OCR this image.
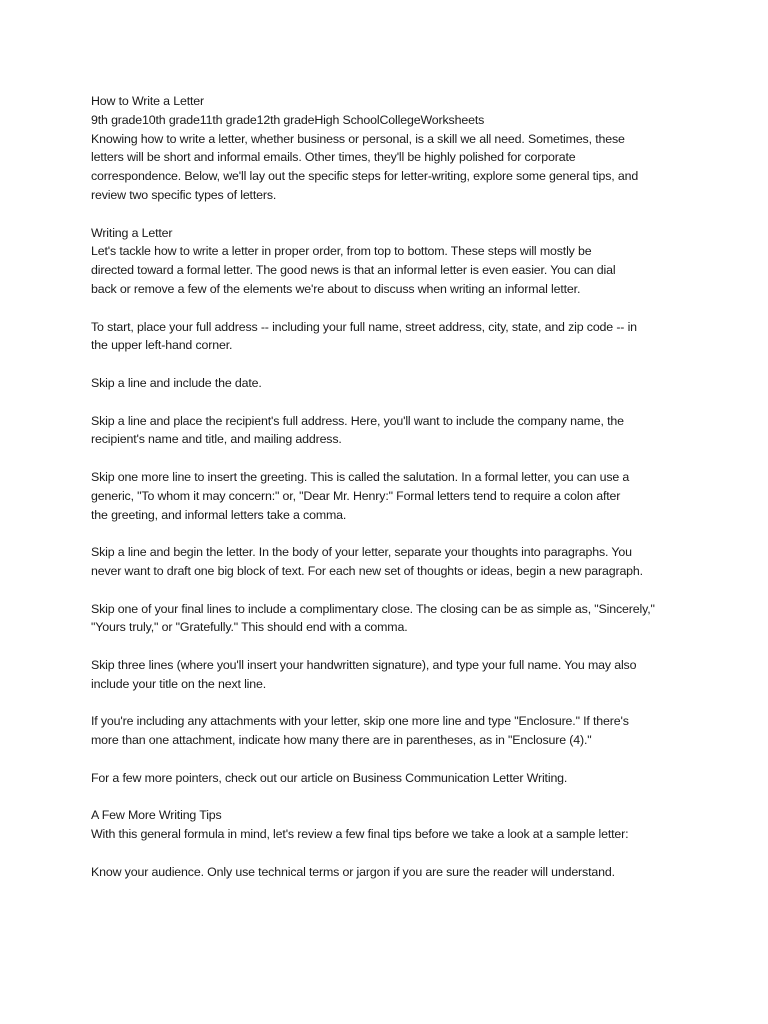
How to Write a Letter
9th grade10th grade11th grade12th gradeHigh SchoolCollegeWorksheets
Knowing how to write a letter, whether business or personal, is a skill we all need. Sometimes, these
letters will be short and informal emails. Other times, they'll be highly polished for corporate
correspondence. Below, we'll lay out the specific steps for letter-writing, explore some general tips, and
review two specific types of letters.
Writing a Letter
Let's tackle how to write a letter in proper order, from top to bottom. These steps will mostly be
directed toward a formal letter. The good news is that an informal letter is even easier. You can dial
back or remove a few of the elements we're about to discuss when writing an informal letter.
To start, place your full address -- including your full name, street address, city, state, and zip code -- in
the upper left-hand corner.
Skip a line and include the date.
Skip a line and place the recipient's full address. Here, you'll want to include the company name, the
recipient's name and title, and mailing address.
Skip one more line to insert the greeting. This is called the salutation. In a formal letter, you can use a
generic, "To whom it may concern:" or, "Dear Mr. Henry:" Formal letters tend to require a colon after
the greeting, and informal letters take a comma.
Skip a line and begin the letter. In the body of your letter, separate your thoughts into paragraphs. You
never want to draft one big block of text. For each new set of thoughts or ideas, begin a new paragraph.
Skip one of your final lines to include a complimentary close. The closing can be as simple as, "Sincerely,"
"Yours truly," or "Gratefully." This should end with a comma.
Skip three lines (where you'll insert your handwritten signature), and type your full name. You may also
include your title on the next line.
If you're including any attachments with your letter, skip one more line and type "Enclosure." If there's
more than one attachment, indicate how many there are in parentheses, as in "Enclosure (4)."
For a few more pointers, check out our article on Business Communication Letter Writing.
A Few More Writing Tips
With this general formula in mind, let's review a few final tips before we take a look at a sample letter:
Know your audience. Only use technical terms or jargon if you are sure the reader will understand.
